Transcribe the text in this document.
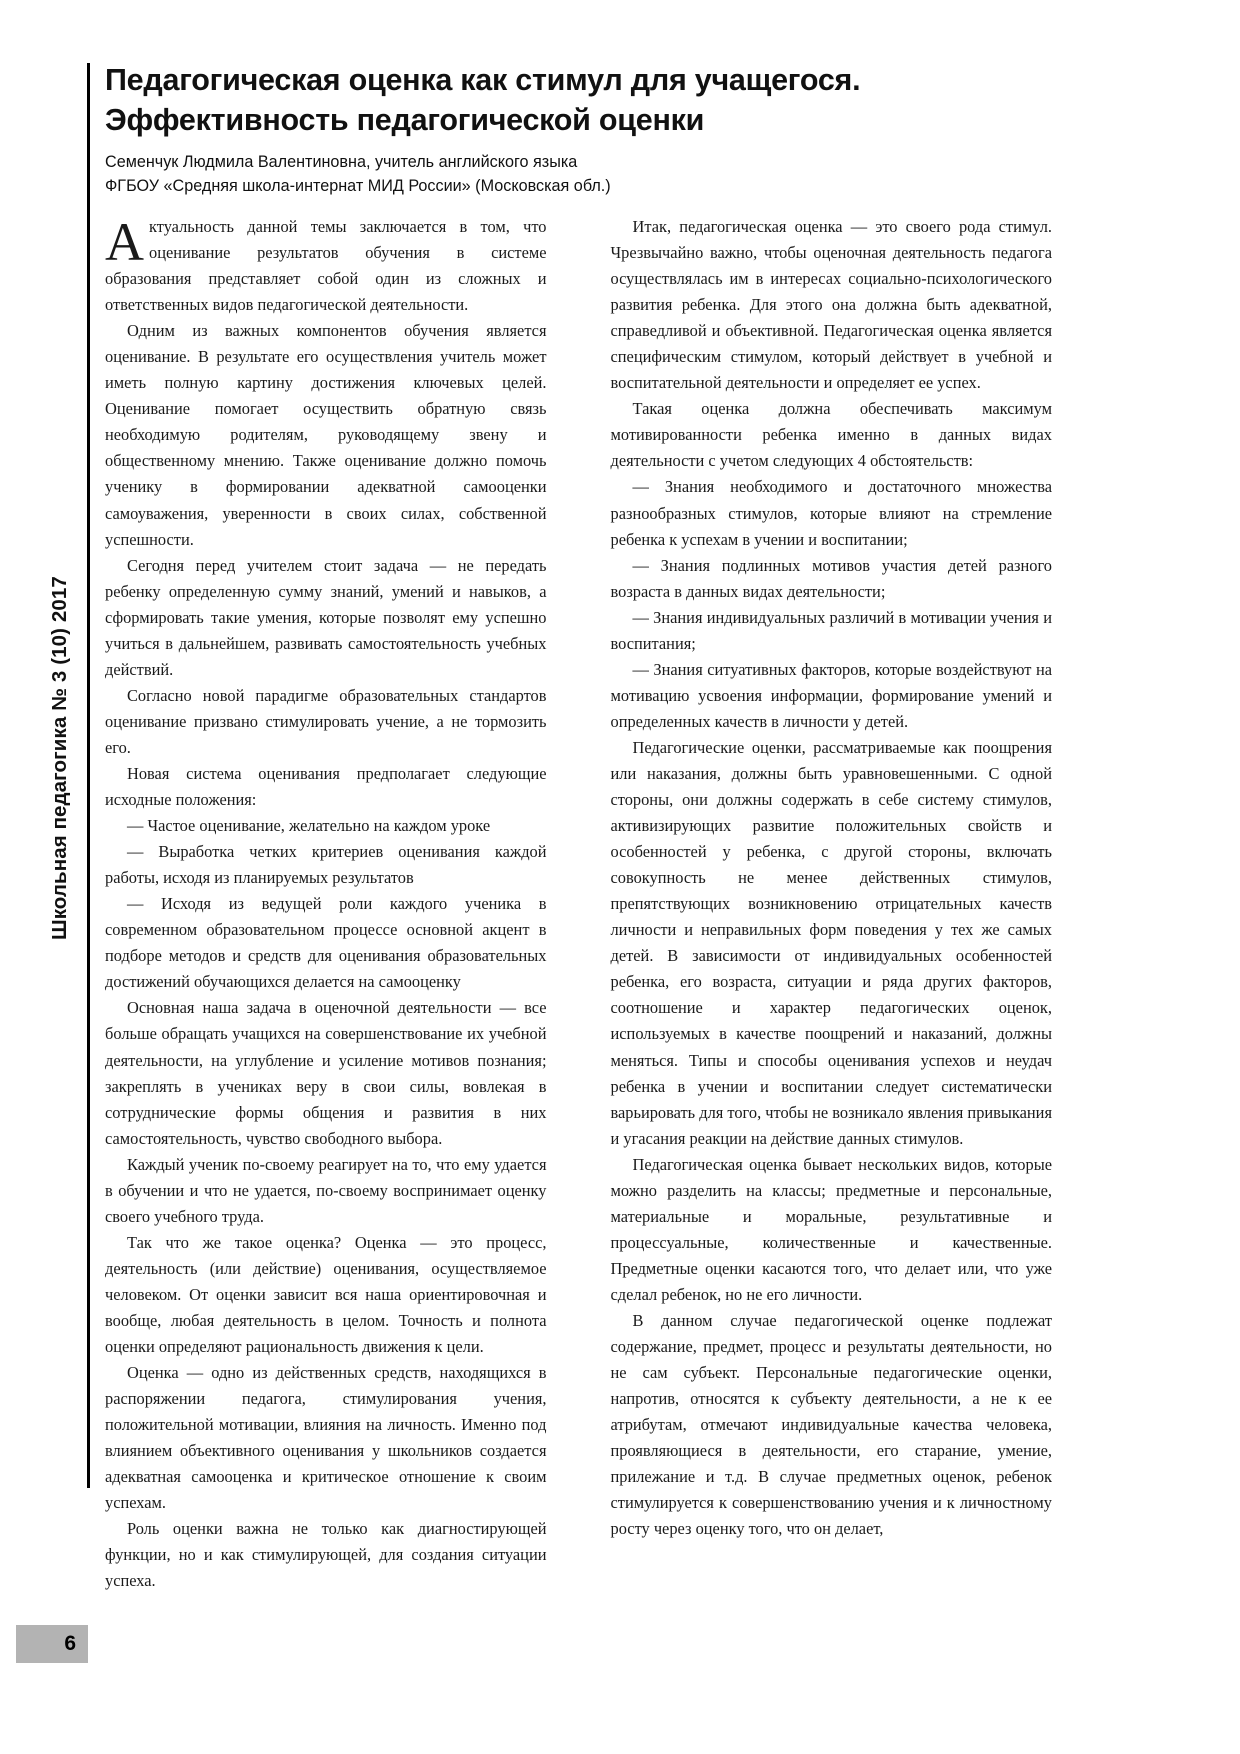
Школьная педагогика № 3 (10) 2017
6
Педагогическая оценка как стимул для учащегося.
Эффективность педагогической оценки
Семенчук Людмила Валентиновна, учитель английского языка
ФГБОУ «Средняя школа-интернат МИД России» (Московская обл.)

Актуальность данной темы заключается в том, что оценивание результатов обучения в системе образования представляет собой один из сложных и ответственных видов педагогической деятельности.

Одним из важных компонентов обучения является оценивание. В результате его осуществления учитель может иметь полную картину достижения ключевых целей. Оценивание помогает осуществить обратную связь необходимую родителям, руководящему звену и общественному мнению. Также оценивание должно помочь ученику в формировании адекватной самооценки самоуважения, уверенности в своих силах, собственной успешности.

Сегодня перед учителем стоит задача — не передать ребенку определенную сумму знаний, умений и навыков, а сформировать такие умения, которые позволят ему успешно учиться в дальнейшем, развивать самостоятельность учебных действий.

Согласно новой парадигме образовательных стандартов оценивание призвано стимулировать учение, а не тормозить его.

Новая система оценивания предполагает следующие исходные положения:

— Частое оценивание, желательно на каждом уроке

— Выработка четких критериев оценивания каждой работы, исходя из планируемых результатов

— Исходя из ведущей роли каждого ученика в современном образовательном процессе основной акцент в подборе методов и средств для оценивания образовательных достижений обучающихся делается на самооценку

Основная наша задача в оценочной деятельности — все больше обращать учащихся на совершенствование их учебной деятельности, на углубление и усиление мотивов познания; закреплять в учениках веру в свои силы, вовлекая в сотруднические формы общения и развития в них самостоятельность, чувство свободного выбора.

Каждый ученик по-своему реагирует на то, что ему удается в обучении и что не удается, по-своему воспринимает оценку своего учебного труда.

Так что же такое оценка? Оценка — это процесс, деятельность (или действие) оценивания, осуществляемое человеком. От оценки зависит вся наша ориентировочная и вообще, любая деятельность в целом. Точность и полнота оценки определяют рациональность движения к цели.

Оценка — одно из действенных средств, находящихся в распоряжении педагога, стимулирования учения, положительной мотивации, влияния на личность. Именно под влиянием объективного оценивания у школьников создается адекватная самооценка и критическое отношение к своим успехам.

Роль оценки важна не только как диагностирующей функции, но и как стимулирующей, для создания ситуации успеха.

Итак, педагогическая оценка — это своего рода стимул. Чрезвычайно важно, чтобы оценочная деятельность педагога осуществлялась им в интересах социально-психологического развития ребенка. Для этого она должна быть адекватной, справедливой и объективной. Педагогическая оценка является специфическим стимулом, который действует в учебной и воспитательной деятельности и определяет ее успех.

Такая оценка должна обеспечивать максимум мотивированности ребенка именно в данных видах деятельности с учетом следующих 4 обстоятельств:

— Знания необходимого и достаточного множества разнообразных стимулов, которые влияют на стремление ребенка к успехам в учении и воспитании;

— Знания подлинных мотивов участия детей разного возраста в данных видах деятельности;

— Знания индивидуальных различий в мотивации учения и воспитания;

— Знания ситуативных факторов, которые воздействуют на мотивацию усвоения информации, формирование умений и определенных качеств в личности у детей.

Педагогические оценки, рассматриваемые как поощрения или наказания, должны быть уравновешенными. С одной стороны, они должны содержать в себе систему стимулов, активизирующих развитие положительных свойств и особенностей у ребенка, с другой стороны, включать совокупность не менее действенных стимулов, препятствующих возникновению отрицательных качеств личности и неправильных форм поведения у тех же самых детей. В зависимости от индивидуальных особенностей ребенка, его возраста, ситуации и ряда других факторов, соотношение и характер педагогических оценок, используемых в качестве поощрений и наказаний, должны меняться. Типы и способы оценивания успехов и неудач ребенка в учении и воспитании следует систематически варьировать для того, чтобы не возникало явления привыкания и угасания реакции на действие данных стимулов.

Педагогическая оценка бывает нескольких видов, которые можно разделить на классы; предметные и персональные, материальные и моральные, результативные и процессуальные, количественные и качественные. Предметные оценки касаются того, что делает или, что уже сделал ребенок, но не его личности.

В данном случае педагогической оценке подлежат содержание, предмет, процесс и результаты деятельности, но не сам субъект. Персональные педагогические оценки, напротив, относятся к субъекту деятельности, а не к ее атрибутам, отмечают индивидуальные качества человека, проявляющиеся в деятельности, его старание, умение, прилежание и т.д. В случае предметных оценок, ребенок стимулируется к совершенствованию учения и к личностному росту через оценку того, что он делает,
